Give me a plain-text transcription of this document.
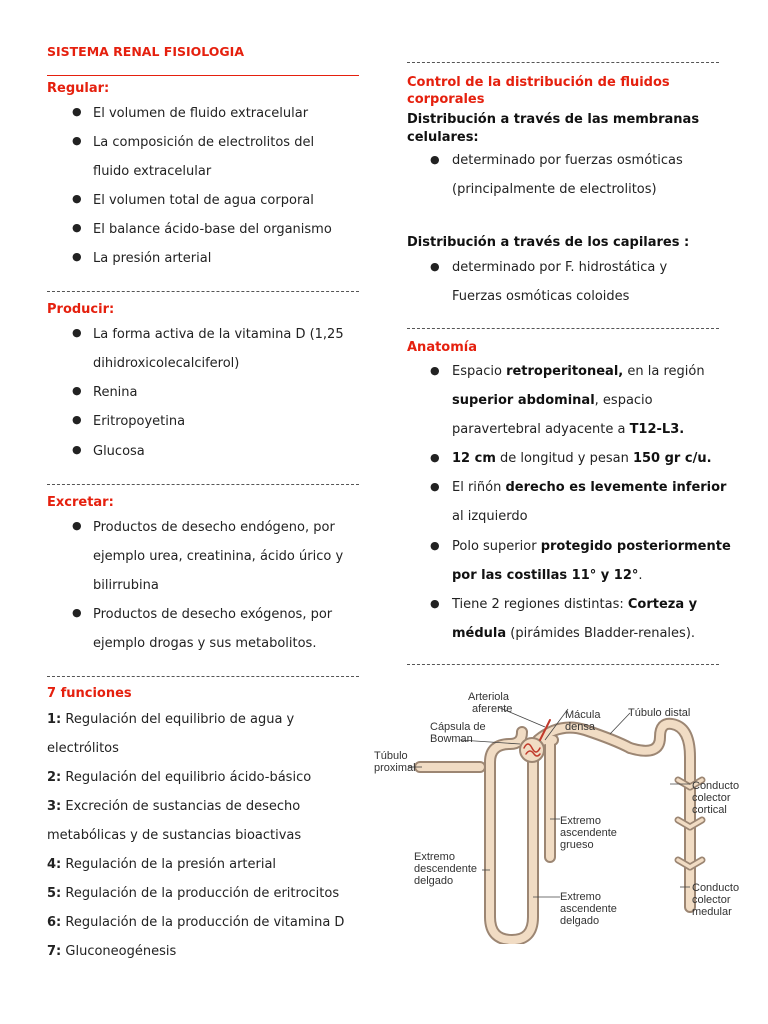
SISTEMA RENAL FISIOLOGIA
Regular:
● El volumen de fluido extracelular
● La composición de electrolitos del
fluido extracelular
● El volumen total de agua corporal
● El balance ácido-base del organismo
● La presión arterial
Producir:
● La forma activa de la vitamina D (1,25
dihidroxicolecalciferol)
● Renina
● Eritropoyetina
● Glucosa
Excretar:
● Productos de desecho endógeno, por
ejemplo urea, creatinina, ácido úrico y
bilirrubina
● Productos de desecho exógenos, por
ejemplo drogas y sus metabolitos.
7 funciones
1: Regulación del equilibrio de agua y
electrólitos
2: Regulación del equilibrio ácido-básico
3: Excreción de sustancias de desecho
metabólicas y de sustancias bioactivas
4: Regulación de la presión arterial
5: Regulación de la producción de eritrocitos
6: Regulación de la producción de vitamina D
7: Gluconeogénesis
Control de la distribución de fluidos
corporales
Distribución a través de las membranas
celulares:
● determinado por fuerzas osmóticas
(principalmente de electrolitos)
Distribución a través de los capilares :
● determinado por F. hidrostática y
Fuerzas osmóticas coloides
Anatomía
● Espacio retroperitoneal, en la región
superior abdominal, espacio
paravertebral adyacente a T12-L3.
● 12 cm de longitud y pesan 150 gr c/u.
● El riñón derecho es levemente inferior
al izquierdo
● Polo superior protegido posteriormente
por las costillas 11° y 12°.
● Tiene 2 regiones distintas: Corteza y
médula (pirámides Bladder-renales).
Arteriola aferente	Mácula densa
Túbulo distal
Cápsula de Bowman
Túbulo proximal
Conducto colector cortical
Extremo ascendente grueso
Extremo descendente delgado
Conducto colector medular
Extremo ascendente delgado
